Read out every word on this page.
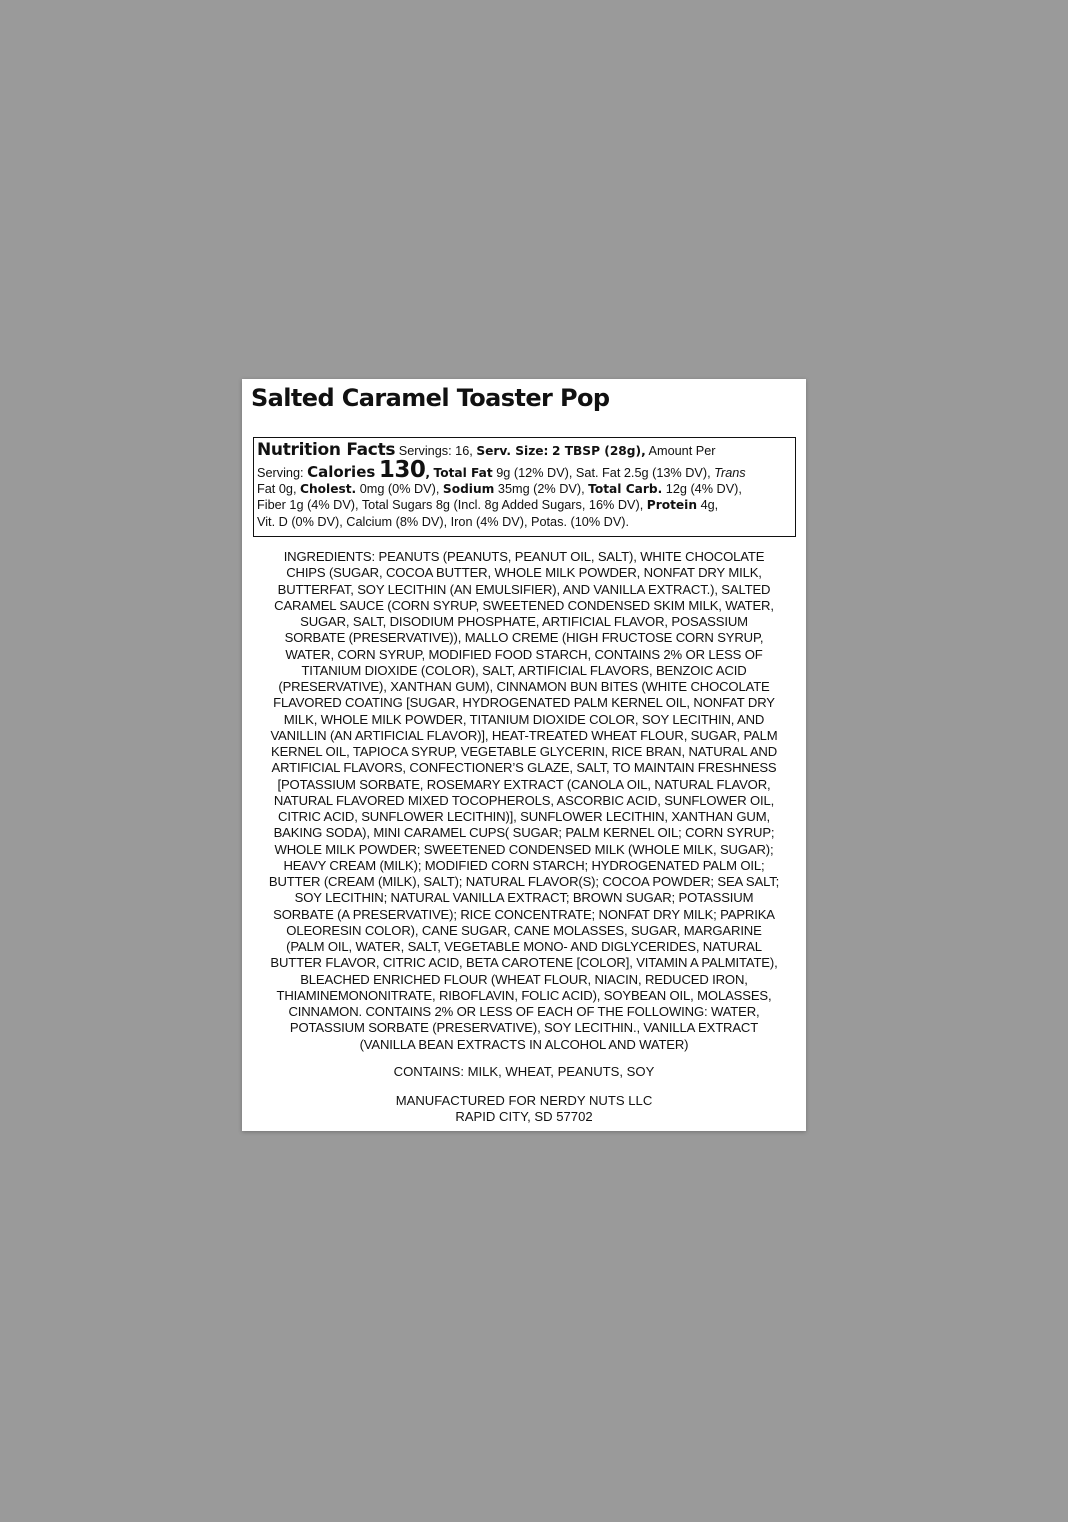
Salted Caramel Toaster Pop
Nutrition Facts Servings: 16, Serv. Size: 2 TBSP (28g), Amount Per
Serving: Calories 130, Total Fat 9g (12% DV), Sat. Fat 2.5g (13% DV), Trans
Fat 0g, Cholest. 0mg (0% DV), Sodium 35mg (2% DV), Total Carb. 12g (4% DV),
Fiber 1g (4% DV), Total Sugars 8g (Incl. 8g Added Sugars, 16% DV), Protein 4g,
Vit. D (0% DV), Calcium (8% DV), Iron (4% DV), Potas. (10% DV).
INGREDIENTS: PEANUTS (PEANUTS, PEANUT OIL, SALT), WHITE CHOCOLATE
CHIPS (SUGAR, COCOA BUTTER, WHOLE MILK POWDER, NONFAT DRY MILK,
BUTTERFAT, SOY LECITHIN (AN EMULSIFIER), AND VANILLA EXTRACT.), SALTED
CARAMEL SAUCE (CORN SYRUP, SWEETENED CONDENSED SKIM MILK, WATER,
SUGAR, SALT, DISODIUM PHOSPHATE, ARTIFICIAL FLAVOR, POSASSIUM
SORBATE (PRESERVATIVE)), MALLO CREME (HIGH FRUCTOSE CORN SYRUP,
WATER, CORN SYRUP, MODIFIED FOOD STARCH, CONTAINS 2% OR LESS OF
TITANIUM DIOXIDE (COLOR), SALT, ARTIFICIAL FLAVORS, BENZOIC ACID
(PRESERVATIVE), XANTHAN GUM), CINNAMON BUN BITES (WHITE CHOCOLATE
FLAVORED COATING [SUGAR, HYDROGENATED PALM KERNEL OIL, NONFAT DRY
MILK, WHOLE MILK POWDER, TITANIUM DIOXIDE COLOR, SOY LECITHIN, AND
VANILLIN (AN ARTIFICIAL FLAVOR)], HEAT-TREATED WHEAT FLOUR, SUGAR, PALM
KERNEL OIL, TAPIOCA SYRUP, VEGETABLE GLYCERIN, RICE BRAN, NATURAL AND
ARTIFICIAL FLAVORS, CONFECTIONER’S GLAZE, SALT, TO MAINTAIN FRESHNESS
[POTASSIUM SORBATE, ROSEMARY EXTRACT (CANOLA OIL, NATURAL FLAVOR,
NATURAL FLAVORED MIXED TOCOPHEROLS, ASCORBIC ACID, SUNFLOWER OIL,
CITRIC ACID, SUNFLOWER LECITHIN)], SUNFLOWER LECITHIN, XANTHAN GUM,
BAKING SODA), MINI CARAMEL CUPS( SUGAR; PALM KERNEL OIL; CORN SYRUP;
WHOLE MILK POWDER; SWEETENED CONDENSED MILK (WHOLE MILK, SUGAR);
HEAVY CREAM (MILK); MODIFIED CORN STARCH; HYDROGENATED PALM OIL;
BUTTER (CREAM (MILK), SALT); NATURAL FLAVOR(S); COCOA POWDER; SEA SALT;
SOY LECITHIN; NATURAL VANILLA EXTRACT; BROWN SUGAR; POTASSIUM
SORBATE (A PRESERVATIVE); RICE CONCENTRATE; NONFAT DRY MILK; PAPRIKA
OLEORESIN COLOR), CANE SUGAR, CANE MOLASSES, SUGAR, MARGARINE
(PALM OIL, WATER, SALT, VEGETABLE MONO- AND DIGLYCERIDES, NATURAL
BUTTER FLAVOR, CITRIC ACID, BETA CAROTENE [COLOR], VITAMIN A PALMITATE),
BLEACHED ENRICHED FLOUR (WHEAT FLOUR, NIACIN, REDUCED IRON,
THIAMINEMONONITRATE, RIBOFLAVIN, FOLIC ACID), SOYBEAN OIL, MOLASSES,
CINNAMON. CONTAINS 2% OR LESS OF EACH OF THE FOLLOWING: WATER,
POTASSIUM SORBATE (PRESERVATIVE), SOY LECITHIN., VANILLA EXTRACT
(VANILLA BEAN EXTRACTS IN ALCOHOL AND WATER)
CONTAINS: MILK, WHEAT, PEANUTS, SOY
MANUFACTURED FOR NERDY NUTS LLC
RAPID CITY, SD 57702
